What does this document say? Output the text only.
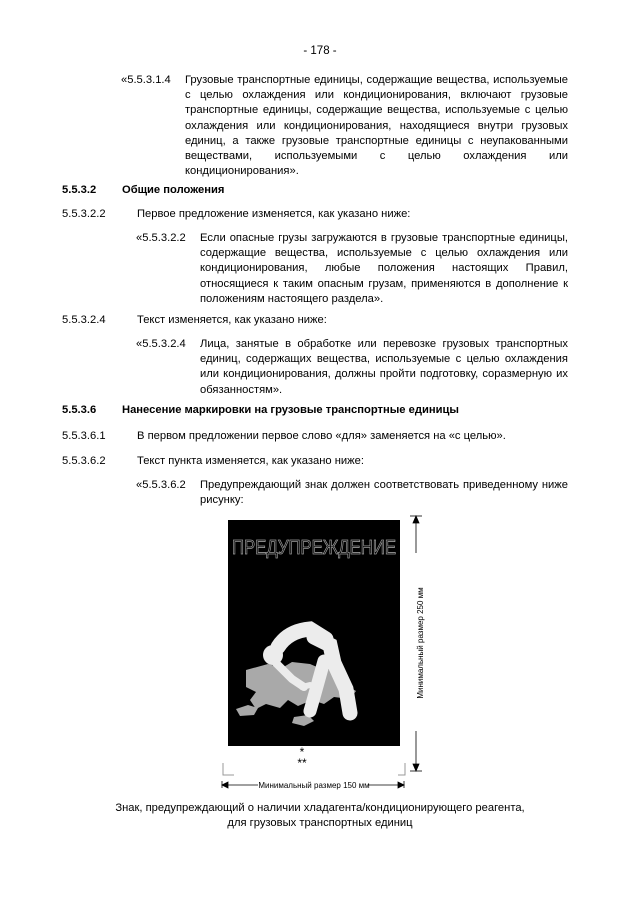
- 178 -
«5.5.3.1.4 Грузовые транспортные единицы, содержащие вещества, используемые с целью охлаждения или кондиционирования, включают грузовые транспортные единицы, содержащие вещества, используемые с целью охлаждения или кондиционирования, находящиеся внутри грузовых единиц, а также грузовые транспортные единицы с неупакованными веществами, используемыми с целью охлаждения или кондиционирования».
5.5.3.2 Общие положения
5.5.3.2.2	Первое предложение изменяется, как указано ниже:
«5.5.3.2.2 Если опасные грузы загружаются в грузовые транспортные единицы, содержащие вещества, используемые с целью охлаждения или кондиционирования, любые положения настоящих Правил, относящиеся к таким опасным грузам, применяются в дополнение к положениям настоящего раздела».
5.5.3.2.4	Текст изменяется, как указано ниже:
«5.5.3.2.4 Лица, занятые в обработке или перевозке грузовых транспортных единиц, содержащих вещества, используемые с целью охлаждения или кондиционирования, должны пройти подготовку, соразмерную их обязанностям».
5.5.3.6 Нанесение маркировки на грузовые транспортные единицы
5.5.3.6.1	В первом предложении первое слово «для» заменяется на «с целью».
5.5.3.6.2	Текст пункта изменяется, как указано ниже:
«5.5.3.6.2 Предупреждающий знак должен соответствовать приведенному ниже рисунку:
ПРЕДУПРЕЖДЕНИЕ
*
**
Минимальный размер 150 мм
Минимальный размер 250 мм
Знак, предупреждающий о наличии хладагента/кондиционирующего реагента,
для грузовых транспортных единиц
